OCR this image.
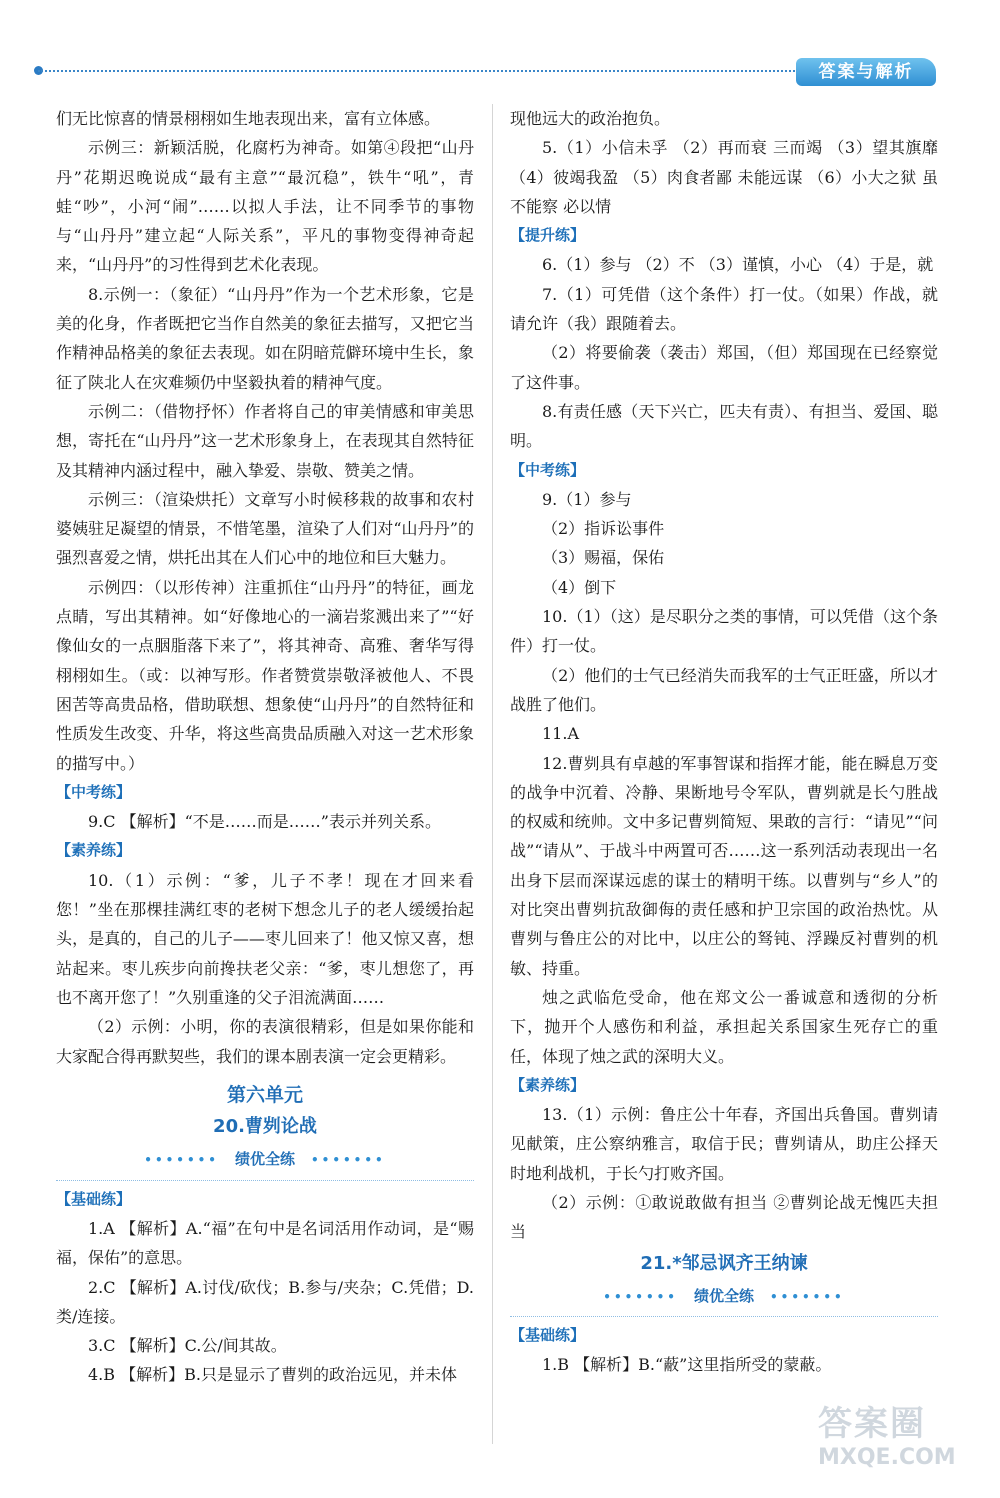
答案与解析
们无比惊喜的情景栩栩如生地表现出来，富有立体感。
示例三：新颖活脱，化腐朽为神奇。如第④段把“山丹丹”花期迟晚说成“最有主意”“最沉稳”，铁牛“吼”，青蛙“吵”，小河“闹”……以拟人手法，让不同季节的事物与“山丹丹”建立起“人际关系”，平凡的事物变得神奇起来，“山丹丹”的习性得到艺术化表现。
8.示例一：（象征）“山丹丹”作为一个艺术形象，它是美的化身，作者既把它当作自然美的象征去描写，又把它当作精神品格美的象征去表现。如在阴暗荒僻环境中生长，象征了陕北人在灾难频仍中坚毅执着的精神气度。
示例二：（借物抒怀）作者将自己的审美情感和审美思想，寄托在“山丹丹”这一艺术形象身上，在表现其自然特征及其精神内涵过程中，融入挚爱、崇敬、赞美之情。
示例三：（渲染烘托）文章写小时候移栽的故事和农村婆姨驻足凝望的情景，不惜笔墨，渲染了人们对“山丹丹”的强烈喜爱之情，烘托出其在人们心中的地位和巨大魅力。
示例四：（以形传神）注重抓住“山丹丹”的特征，画龙点睛，写出其精神。如“好像地心的一滴岩浆溅出来了”“好像仙女的一点胭脂落下来了”，将其神奇、高雅、奢华写得栩栩如生。（或：以神写形。作者赞赏崇敬泽被他人、不畏困苦等高贵品格，借助联想、想象使“山丹丹”的自然特征和性质发生改变、升华，将这些高贵品质融入对这一艺术形象的描写中。）
【中考练】
9.C 【解析】“不是……而是……”表示并列关系。
【素养练】
10.（1）示例：“爹，儿子不孝！现在才回来看您！”坐在那棵挂满红枣的老树下想念儿子的老人缓缓抬起头，是真的，自己的儿子——枣儿回来了！他又惊又喜，想站起来。枣儿疾步向前搀扶老父亲：“爹，枣儿想您了，再也不离开您了！”久别重逢的父子泪流满面……
（2）示例：小明，你的表演很精彩，但是如果你能和大家配合得再默契些，我们的课本剧表演一定会更精彩。
第六单元
20.曹刿论战
••••••• 绩优全练 •••••••
【基础练】
1.A 【解析】A.“福”在句中是名词活用作动词，是“赐福，保佑”的意思。
2.C 【解析】A.讨伐/砍伐；B.参与/夹杂；C.凭借；D.类/连接。
3.C 【解析】C.公/间其故。
4.B 【解析】B.只是显示了曹刿的政治远见，并未体
现他远大的政治抱负。
5.（1）小信未孚 （2）再而衰 三而竭 （3）望其旗靡 （4）彼竭我盈 （5）肉食者鄙 未能远谋 （6）小大之狱 虽不能察 必以情
【提升练】
6.（1）参与 （2）不 （3）谨慎，小心 （4）于是，就
7.（1）可凭借（这个条件）打一仗。（如果）作战，就请允许（我）跟随着去。
（2）将要偷袭（袭击）郑国，（但）郑国现在已经察觉了这件事。
8.有责任感（天下兴亡，匹夫有责）、有担当、爱国、聪明。
【中考练】
9.（1）参与
（2）指诉讼事件
（3）赐福，保佑
（4）倒下
10.（1）（这）是尽职分之类的事情，可以凭借（这个条件）打一仗。
（2）他们的士气已经消失而我军的士气正旺盛，所以才战胜了他们。
11.A
12.曹刿具有卓越的军事智谋和指挥才能，能在瞬息万变的战争中沉着、冷静、果断地号令军队，曹刿就是长勺胜战的权威和统帅。文中多记曹刿简短、果敢的言行：“请见”“问战”“请从”、于战斗中两置可否……这一系列活动表现出一名出身下层而深谋远虑的谋士的精明干练。以曹刿与“乡人”的对比突出曹刿抗敌御侮的责任感和护卫宗国的政治热忱。从曹刿与鲁庄公的对比中，以庄公的驽钝、浮躁反衬曹刿的机敏、持重。
烛之武临危受命，他在郑文公一番诚意和透彻的分析下，抛开个人感伤和利益，承担起关系国家生死存亡的重任，体现了烛之武的深明大义。
【素养练】
13.（1）示例：鲁庄公十年春，齐国出兵鲁国。曹刿请见献策，庄公察纳雅言，取信于民；曹刿请从，助庄公择天时地利战机，于长勺打败齐国。
（2）示例：①敢说敢做有担当 ②曹刿论战无愧匹夫担当
21.*邹忌讽齐王纳谏
••••••• 绩优全练 •••••••
【基础练】
1.B 【解析】B.“蔽”这里指所受的蒙蔽。
答案圈
MXQE.COM
